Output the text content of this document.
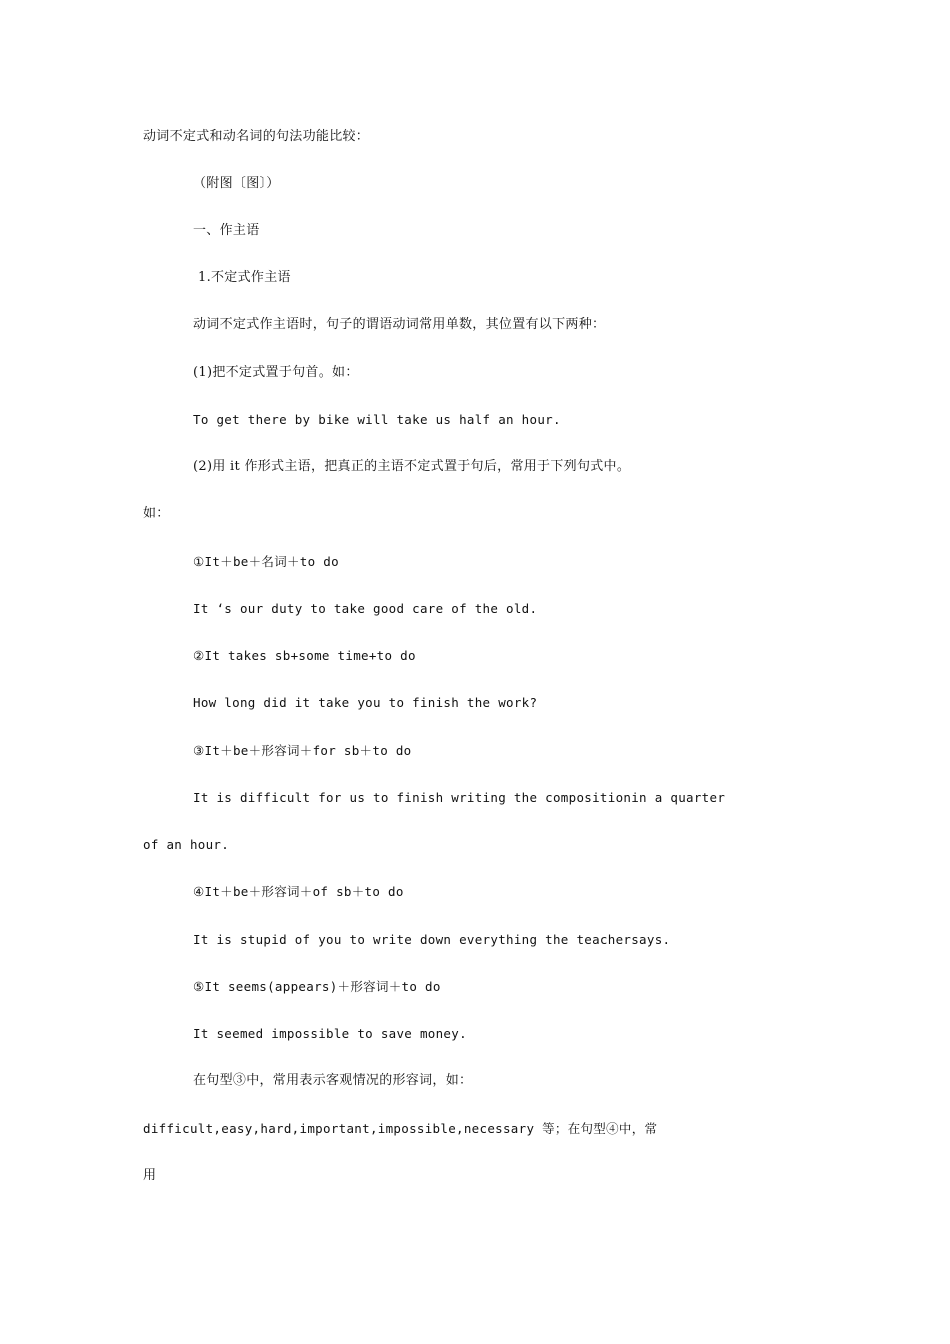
动词不定式和动名词的句法功能比较：
（附图〔图〕）
一、作主语
1.不定式作主语
动词不定式作主语时，句子的谓语动词常用单数，其位置有以下两种：
(1)把不定式置于句首。如：
To get there by bike will take us half an hour.
(2)用 it 作形式主语，把真正的主语不定式置于句后，常用于下列句式中。
如：
①It＋be＋名词＋to do
It ‘s our duty to take good care of the old.
②It takes sb+some time+to do
How long did it take you to finish the work?
③It＋be＋形容词＋for sb＋to do
It is difficult for us to finish writing the compositionin a quarter
of an hour.
④It＋be＋形容词＋of sb＋to do
It is stupid of you to write down everything the teachersays.
⑤It seems(appears)＋形容词＋to do
It seemed impossible to save money.
在句型③中，常用表示客观情况的形容词，如：
difficult,easy,hard,important,impossible,necessary 等；在句型④中，常
用
